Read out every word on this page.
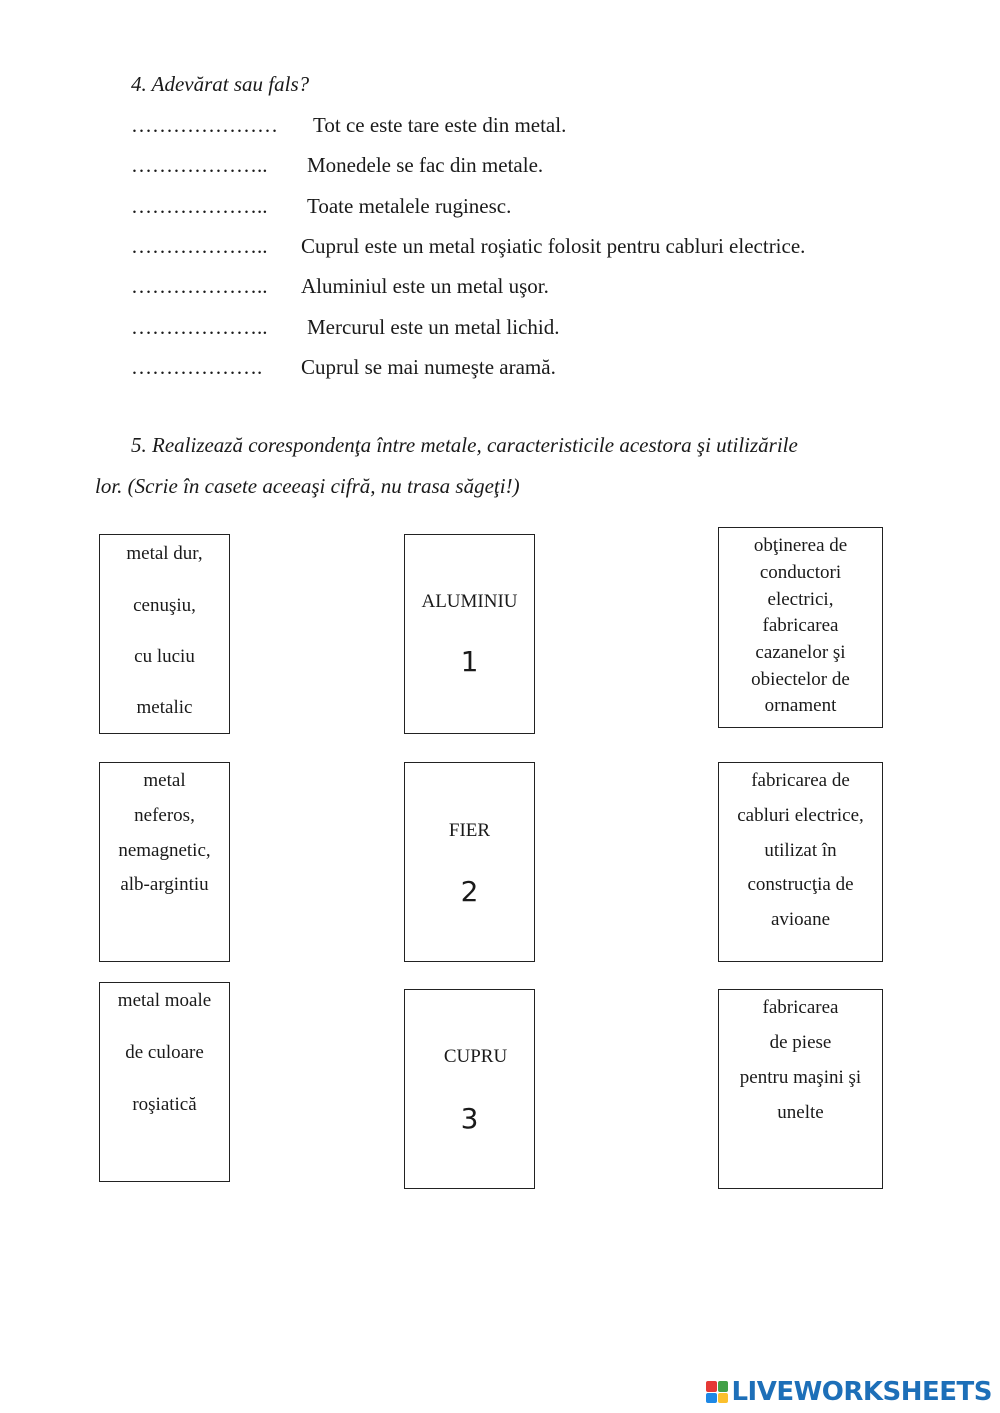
4. Adevărat sau fals?
………………… Tot ce este tare este din metal.
……………….. Monedele se fac din metale.
……………….. Toate metalele ruginesc.
……………….. Cuprul este un metal roşiatic folosit pentru cabluri electrice.
……………….. Aluminiul este un metal uşor.
……………….. Mercurul este un metal lichid.
………………. Cuprul se mai numeşte aramă.
5. Realizează corespondenţa între metale, caracteristicile acestora şi utilizările
lor. (Scrie în casete aceeaşi cifră, nu trasa săgeţi!)
metal dur,
cenuşiu,
cu luciu
metalic
metal
neferos,
nemagnetic,
alb-argintiu
metal moale
de culoare
roşiatică
ALUMINIU
1
FIER
2
CUPRU
3
obţinerea de
conductori
electrici,
fabricarea
cazanelor şi
obiectelor de
ornament
fabricarea de
cabluri electrice,
utilizat în
construcţia de
avioane
fabricarea
de piese
pentru maşini şi
unelte
LIVEWORKSHEETS
